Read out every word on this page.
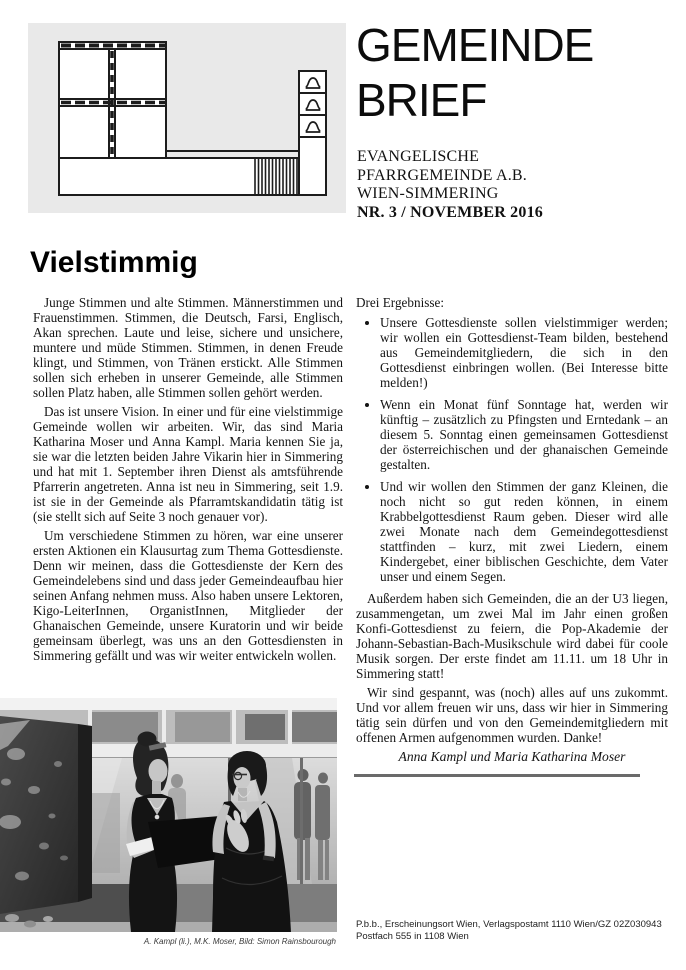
GEMEINDE
BRIEF
EVANGELISCHE
PFARRGEMEINDE A.B.
WIEN-SIMMERING
NR. 3 / NOVEMBER 2016
Vielstimmig

Junge Stimmen und alte Stimmen. Männerstimmen und Frauenstimmen. Stimmen, die Deutsch, Farsi, Englisch, Akan sprechen. Laute und leise, sichere und unsichere, muntere und müde Stimmen. Stimmen, in denen Freude klingt, und Stimmen, von Tränen erstickt. Alle Stimmen sollen sich erheben in unserer Gemeinde, alle Stimmen sollen Platz haben, alle Stimmen sollen gehört werden.

Das ist unsere Vision. In einer und für eine vielstimmige Gemeinde wollen wir arbeiten. Wir, das sind Maria Katharina Moser und Anna Kampl. Maria kennen Sie ja, sie war die letzten beiden Jahre Vikarin hier in Simmering und hat mit 1. September ihren Dienst als amtsführende Pfarrerin angetreten. Anna ist neu in Simmering, seit 1.9. ist sie in der Gemeinde als Pfarramtskandidatin tätig ist (sie stellt sich auf Seite 3 noch genauer vor).

Um verschiedene Stimmen zu hören, war eine unserer ersten Aktionen ein Klausurtag zum Thema Gottesdienste. Denn wir meinen, dass die Gottesdienste der Kern des Gemeindelebens sind und dass jeder Gemeindeaufbau hier seinen Anfang nehmen muss. Also haben unsere Lektoren, Kigo-LeiterInnen, OrganistInnen, Mitglieder der Ghanaischen Gemeinde, unsere Kuratorin und wir beide gemeinsam überlegt, was uns an den Gottesdiensten in Simmering gefällt und was wir weiter entwickeln wollen.

Drei Ergebnisse:

• Unsere Gottesdienste sollen vielstimmiger werden; wir wollen ein Gottesdienst-Team bilden, bestehend aus Gemeindemitgliedern, die sich in den Gottesdienst einbringen wollen. (Bei Interesse bitte melden!)
• Wenn ein Monat fünf Sonntage hat, werden wir künftig – zusätzlich zu Pfingsten und Erntedank – an diesem 5. Sonntag einen gemeinsamen Gottesdienst der österreichischen und der ghanaischen Gemeinde gestalten.
• Und wir wollen den Stimmen der ganz Kleinen, die noch nicht so gut reden können, in einem Krabbelgottesdienst Raum geben. Dieser wird alle zwei Monate nach dem Gemeindegottesdienst stattfinden – kurz, mit zwei Liedern, einem Kindergebet, einer biblischen Geschichte, dem Vater unser und einem Segen.

Außerdem haben sich Gemeinden, die an der U3 liegen, zusammengetan, um zwei Mal im Jahr einen großen Konfi-Gottesdienst zu feiern, die Pop-Akademie der Johann-Sebastian-Bach-Musikschule wird dabei für coole Musik sorgen. Der erste findet am 11.11. um 18 Uhr in Simmering statt!

Wir sind gespannt, was (noch) alles auf uns zukommt. Und vor allem freuen wir uns, dass wir hier in Simmering tätig sein dürfen und von den Gemeindemitgliedern mit offenen Armen aufgenommen wurden. Danke!

Anna Kampl und Maria Katharina Moser
A. Kampl (li.), M.K. Moser, Bild: Simon Rainsbourough
P.b.b., Erscheinungsort Wien, Verlagspostamt 1110 Wien/GZ 02Z030943
Postfach 555 in 1108 Wien
